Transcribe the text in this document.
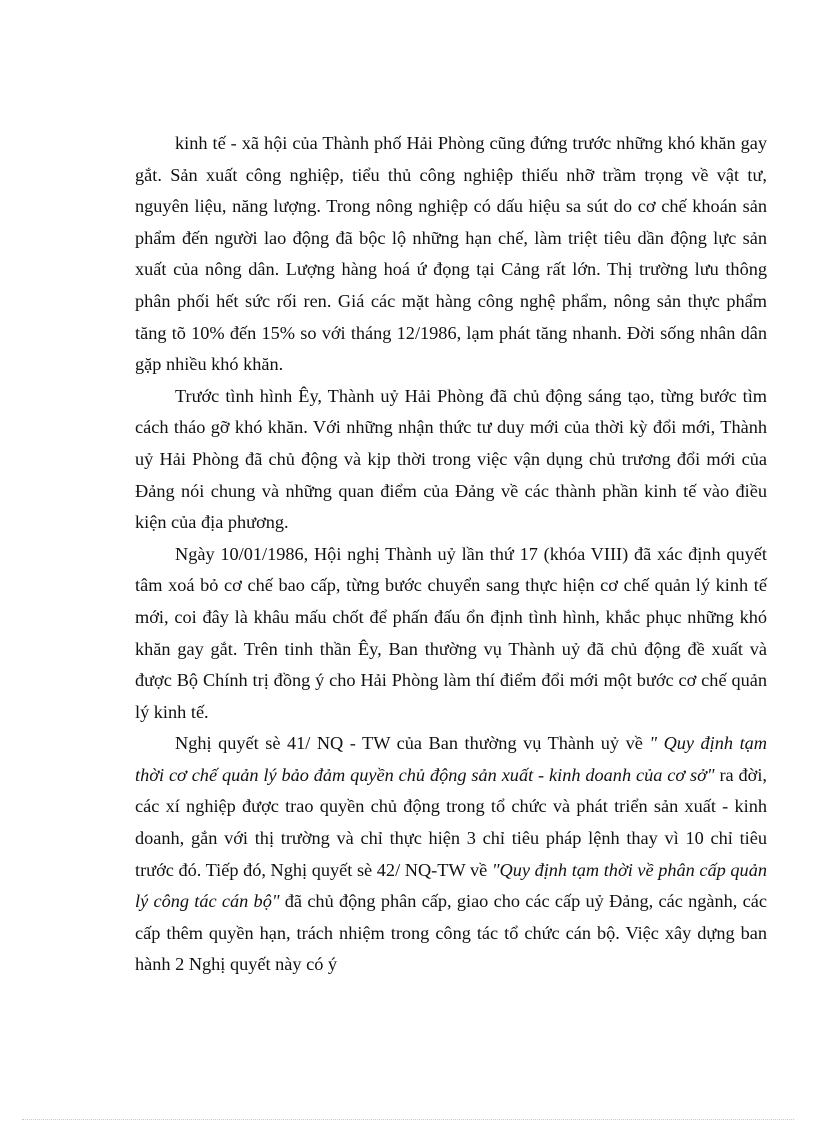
kinh tế - xã hội của Thành phố Hải Phòng cũng đứng trước những khó khăn gay gắt. Sản xuất công nghiệp, tiểu thủ công nghiệp thiếu nhỡ trầm trọng về vật tư, nguyên liệu, năng lượng. Trong nông nghiệp có dấu hiệu sa sút do cơ chế khoán sản phẩm đến người lao động đã bộc lộ những hạn chế, làm triệt tiêu dần động lực sản xuất của nông dân. Lượng hàng hoá ứ đọng tại Cảng rất lớn. Thị trường lưu thông phân phối hết sức rối ren. Giá các mặt hàng công nghệ phẩm, nông sản thực phẩm tăng tõ 10% đến 15% so với tháng 12/1986, lạm phát tăng nhanh. Đời sống nhân dân gặp nhiều khó khăn.

Trước tình hình Êy, Thành uỷ Hải Phòng đã chủ động sáng tạo, từng bước tìm cách tháo gỡ khó khăn. Với những nhận thức tư duy mới của thời kỳ đổi mới, Thành uỷ Hải Phòng đã chủ động và kịp thời trong việc vận dụng chủ trương đổi mới của Đảng nói chung và những quan điểm của Đảng về các thành phần kinh tế vào điều kiện của địa phương.

Ngày 10/01/1986, Hội nghị Thành uỷ lần thứ 17 (khóa VIII) đã xác định quyết tâm xoá bỏ cơ chế bao cấp, từng bước chuyển sang thực hiện cơ chế quản lý kinh tế mới, coi đây là khâu mấu chốt để phấn đấu ổn định tình hình, khắc phục những khó khăn gay gắt. Trên tinh thần Êy, Ban thường vụ Thành uỷ đã chủ động đề xuất và được Bộ Chính trị đồng ý cho Hải Phòng làm thí điểm đổi mới một bước cơ chế quản lý kinh tế.

Nghị quyết sè 41/ NQ - TW của Ban thường vụ Thành uỷ về " Quy định tạm thời cơ chế quản lý bảo đảm quyền chủ động sản xuất - kinh doanh của cơ sở" ra đời, các xí nghiệp được trao quyền chủ động trong tổ chức và phát triển sản xuất - kinh doanh, gắn với thị trường và chỉ thực hiện 3 chỉ tiêu pháp lệnh thay vì 10 chỉ tiêu trước đó. Tiếp đó, Nghị quyết sè 42/ NQ-TW về "Quy định tạm thời về phân cấp quản lý công tác cán bộ" đã chủ động phân cấp, giao cho các cấp uỷ Đảng, các ngành, các cấp thêm quyền hạn, trách nhiệm trong công tác tổ chức cán bộ. Việc xây dựng ban hành 2 Nghị quyết này có ý
